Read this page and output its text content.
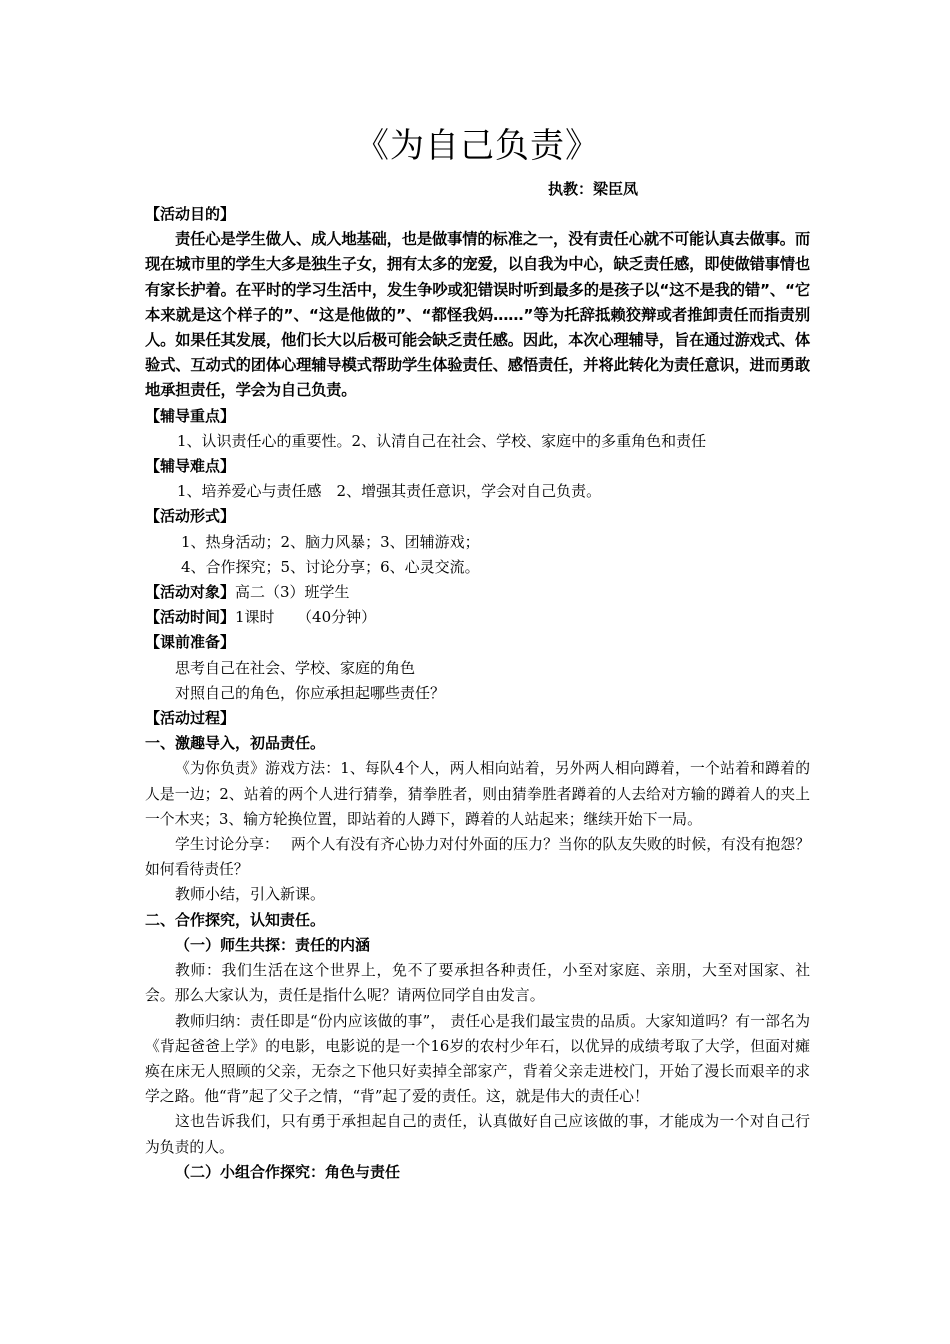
《为自己负责》
执教：梁臣凤

【活动目的】

责任心是学生做人、成人地基础，也是做事情的标准之一，没有责任心就不可能认真去做事。而现在城市里的学生大多是独生子女，拥有太多的宠爱，以自我为中心，缺乏责任感，即使做错事情也有家长护着。在平时的学习生活中，发生争吵或犯错误时听到最多的是孩子以“这不是我的错”、“它本来就是这个样子的”、“这是他做的”、“都怪我妈……”等为托辞抵赖狡辩或者推卸责任而指责别人。如果任其发展，他们长大以后极可能会缺乏责任感。因此，本次心理辅导，旨在通过游戏式、体验式、互动式的团体心理辅导模式帮助学生体验责任、感悟责任，并将此转化为责任意识，进而勇敢地承担责任，学会为自己负责。

【辅导重点】

1、认识责任心的重要性。2、认清自己在社会、学校、家庭中的多重角色和责任

【辅导难点】

1、培养爱心与责任感　2、增强其责任意识，学会对自己负责。

【活动形式】

1、热身活动；2、脑力风暴；3、团辅游戏；

4、合作探究；5、讨论分享；6、心灵交流。

【活动对象】高二（3）班学生

【活动时间】1课时　　（40分钟）

【课前准备】

思考自己在社会、学校、家庭的角色

对照自己的角色，你应承担起哪些责任？

【活动过程】

一、激趣导入，初品责任。

《为你负责》游戏方法：1、每队4个人，两人相向站着，另外两人相向蹲着，一个站着和蹲着的人是一边；2、站着的两个人进行猜拳，猜拳胜者，则由猜拳胜者蹲着的人去给对方输的蹲着人的夹上一个木夹；3、输方轮换位置，即站着的人蹲下，蹲着的人站起来；继续开始下一局。

学生讨论分享：　 两个人有没有齐心协力对付外面的压力？当你的队友失败的时候，有没有抱怨？　 如何看待责任？

教师小结，引入新课。

二、合作探究，认知责任。

（一）师生共探：责任的内涵

教师：我们生活在这个世界上，免不了要承担各种责任，小至对家庭、亲朋，大至对国家、社会。那么大家认为，责任是指什么呢？请两位同学自由发言。

教师归纳：责任即是“份内应该做的事”， 责任心是我们最宝贵的品质。大家知道吗？有一部名为《背起爸爸上学》的电影，电影说的是一个16岁的农村少年石，以优异的成绩考取了大学，但面对瘫痪在床无人照顾的父亲，无奈之下他只好卖掉全部家产，背着父亲走进校门，开始了漫长而艰辛的求学之路。他“背”起了父子之情，“背”起了爱的责任。这，就是伟大的责任心！

这也告诉我们，只有勇于承担起自己的责任，认真做好自己应该做的事，才能成为一个对自己行为负责的人。

（二）小组合作探究：角色与责任
